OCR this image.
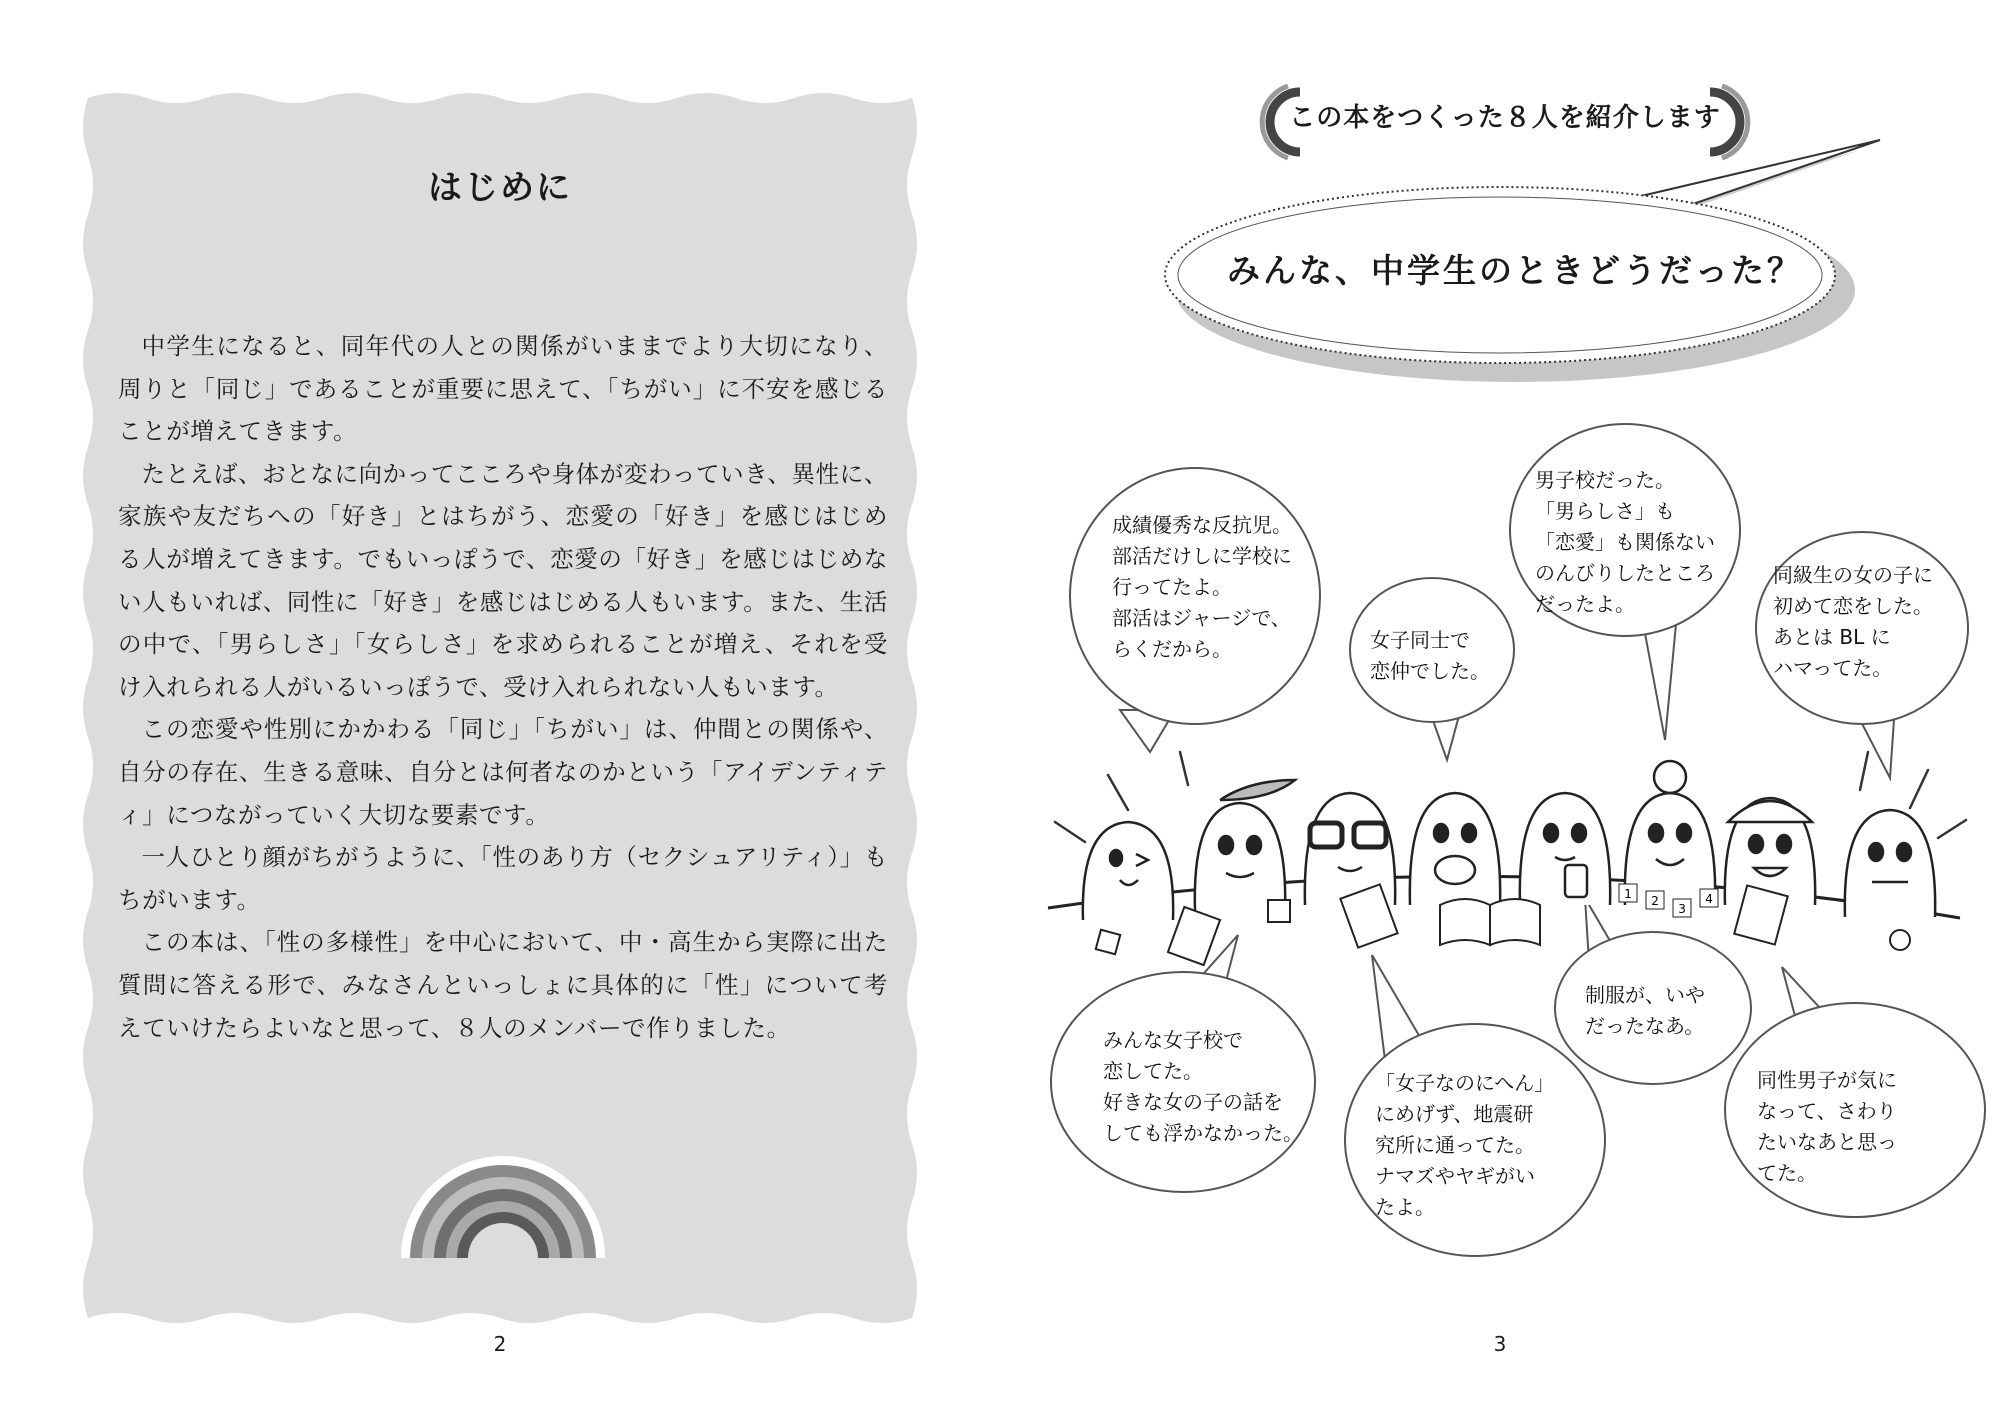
はじめに

中学生になると、同年代の人との関係がいままでより大切になり、周りと「同じ」であることが重要に思えて、「ちがい」に不安を感じることが増えてきます。

たとえば、おとなに向かってこころや身体が変わっていき、異性に、家族や友だちへの「好き」とはちがう、恋愛の「好き」を感じはじめる人が増えてきます。でもいっぽうで、恋愛の「好き」を感じはじめない人もいれば、同性に「好き」を感じはじめる人もいます。また、生活の中で、「男らしさ」「女らしさ」を求められることが増え、それを受け入れられる人がいるいっぽうで、受け入れられない人もいます。

この恋愛や性別にかかわる「同じ」「ちがい」は、仲間との関係や、自分の存在、生きる意味、自分とは何者なのかという「アイデンティティ」につながっていく大切な要素です。

一人ひとり顔がちがうように、「性のあり方（セクシュアリティ）」もちがいます。

この本は、「性の多様性」を中心において、中・高生から実際に出た質問に答える形で、みなさんといっしょに具体的に「性」について考えていけたらよいなと思って、８人のメンバーで作りました。

2
1 2
3
4
この本をつくった８人を紹介します
みんな、中学生のときどうだった？
成績優秀な反抗児。
部活だけしに学校に
行ってたよ。
部活はジャージで、
らくだから。	女子同士で
恋仲でした。
男子校だった。
「男らしさ」も
「恋愛」も関係ない
のんびりしたところ
だったよ。
同級生の女の子に
初めて恋をした。
あとは BL に
ハマってた。
みんな女子校で
恋してた。
好きな女の子の話を
しても浮かなかった。
「女子なのにへん」
にめげず、地震研
究所に通ってた。
ナマズやヤギがい
たよ。
制服が、いや
だったなあ。
同性男子が気に
なって、さわり
たいなあと思っ
てた。
3
